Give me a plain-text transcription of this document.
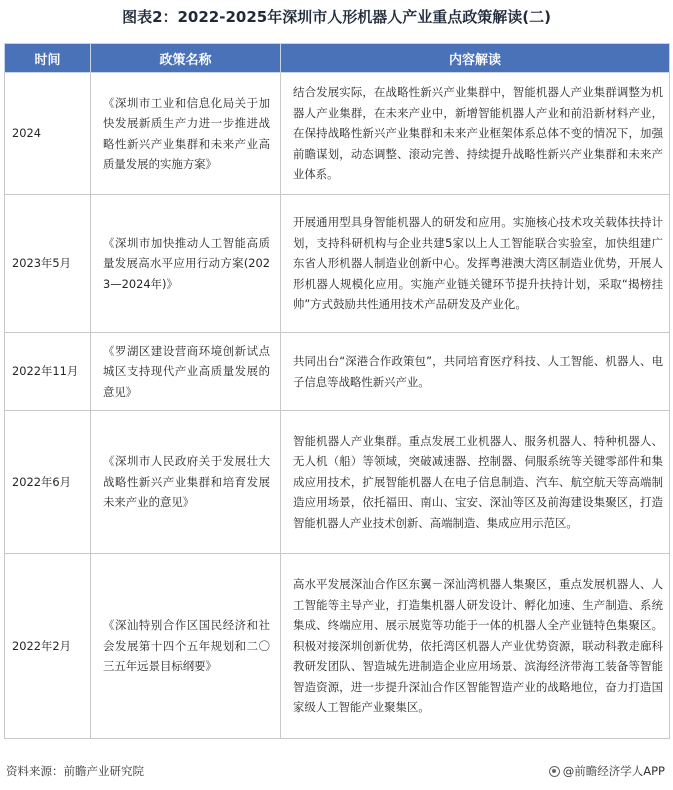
图表2：2022-2025年深圳市人形机器人产业重点政策解读(二)
时间	政策名称	内容解读
2024	《深圳市工业和信息化局关于加快发展新质生产力进一步推进战略性新兴产业集群和未来产业高质量发展的实施方案》	结合发展实际，在战略性新兴产业集群中，智能机器人产业集群调整为机器人产业集群，在未来产业中，新增智能机器人产业和前沿新材料产业，在保持战略性新兴产业集群和未来产业框架体系总体不变的情况下，加强前瞻谋划，动态调整、滚动完善、持续提升战略性新兴产业集群和未来产业体系。
2023年5月	《深圳市加快推动人工智能高质量发展高水平应用行动方案(2023—2024年)》	开展通用型具身智能机器人的研发和应用。实施核心技术攻关载体扶持计划，支持科研机构与企业共建5家以上人工智能联合实验室，加快组建广东省人形机器人制造业创新中心。发挥粤港澳大湾区制造业优势，开展人形机器人规模化应用。实施产业链关键环节提升扶持计划，采取“揭榜挂帅”方式鼓励共性通用技术产品研发及产业化。
2022年11月	《罗湖区建设营商环境创新试点城区支持现代产业高质量发展的意见》	共同出台“深港合作政策包”，共同培育医疗科技、人工智能、机器人、电子信息等战略性新兴产业。
2022年6月	《深圳市人民政府关于发展壮大战略性新兴产业集群和培育发展未来产业的意见》	智能机器人产业集群。重点发展工业机器人、服务机器人、特种机器人、无人机（船）等领域，突破减速器、控制器、伺服系统等关键零部件和集成应用技术，扩展智能机器人在电子信息制造、汽车、航空航天等高端制造应用场景，依托福田、南山、宝安、深汕等区及前海建设集聚区，打造智能机器人产业技术创新、高端制造、集成应用示范区。
2022年2月	《深汕特别合作区国民经济和社会发展第十四个五年规划和二〇三五年远景目标纲要》	高水平发展深汕合作区东翼－深汕湾机器人集聚区，重点发展机器人、人工智能等主导产业，打造集机器人研发设计、孵化加速、生产制造、系统集成、终端应用、展示展览等功能于一体的机器人全产业链特色集聚区。积极对接深圳创新优势，依托湾区机器人产业优势资源，联动科教走廊科教研发团队、智造城先进制造企业应用场景、滨海经济带海工装备等智能智造资源，进一步提升深汕合作区智能智造产业的战略地位，奋力打造国家级人工智能产业聚集区。
资料来源：前瞻产业研究院	@前瞻经济学人APP
